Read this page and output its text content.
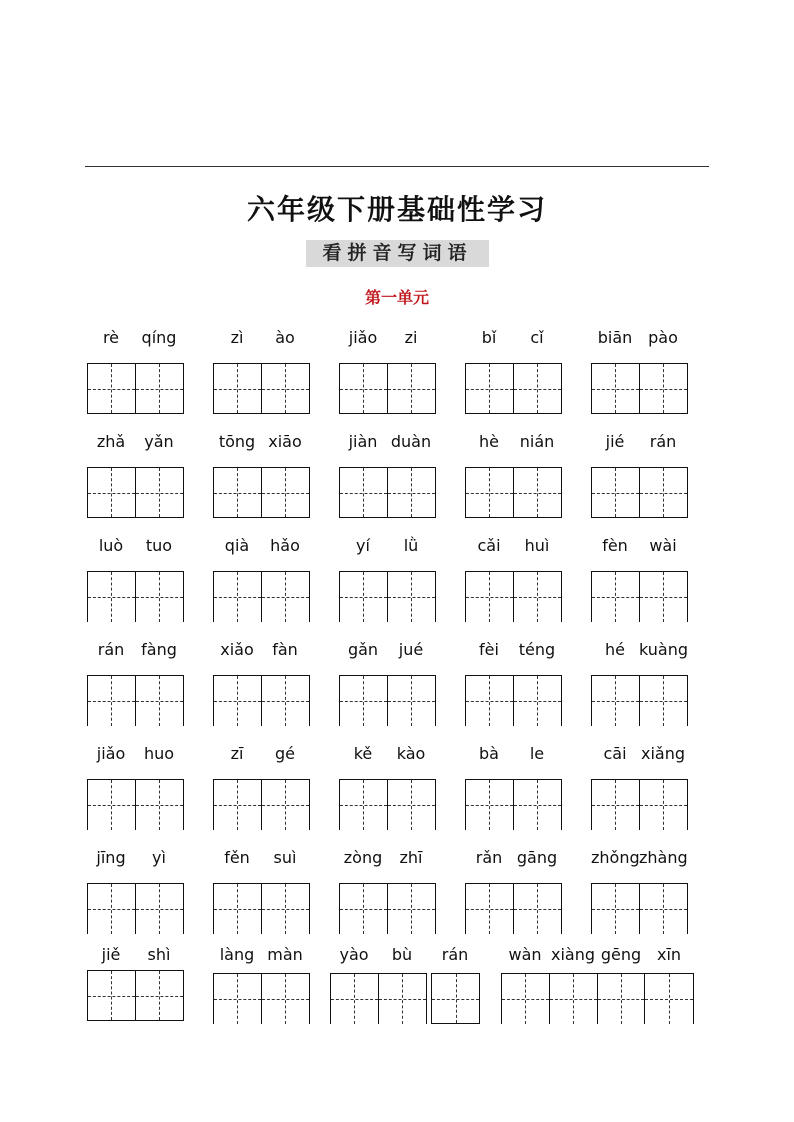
六年级下册基础性学习
看拼音写词语
第一单元
rè	qíng	zì	ào	jiǎo	zi	bǐ	cǐ	biān pào
zhǎ	yǎn	tōng xiāo	jiàn duàn	hè	nián	jié	rán
luò	tuo	qià	hǎo	yí	lǜ	cǎi	huì	fèn	wài
rán	fàng	xiǎo	fàn	gǎn	jué	fèi	téng	hé kuàng
jiǎo	huo	zī	gé	kě	kào	bà	le	cāi xiǎng
jīng	yì	fěn	suì	zòng	zhī	rǎn gāng zhǒng zhàng
jiě	shì	làng màn	yào	bù	rán	wàn xiàng gēng xīn
